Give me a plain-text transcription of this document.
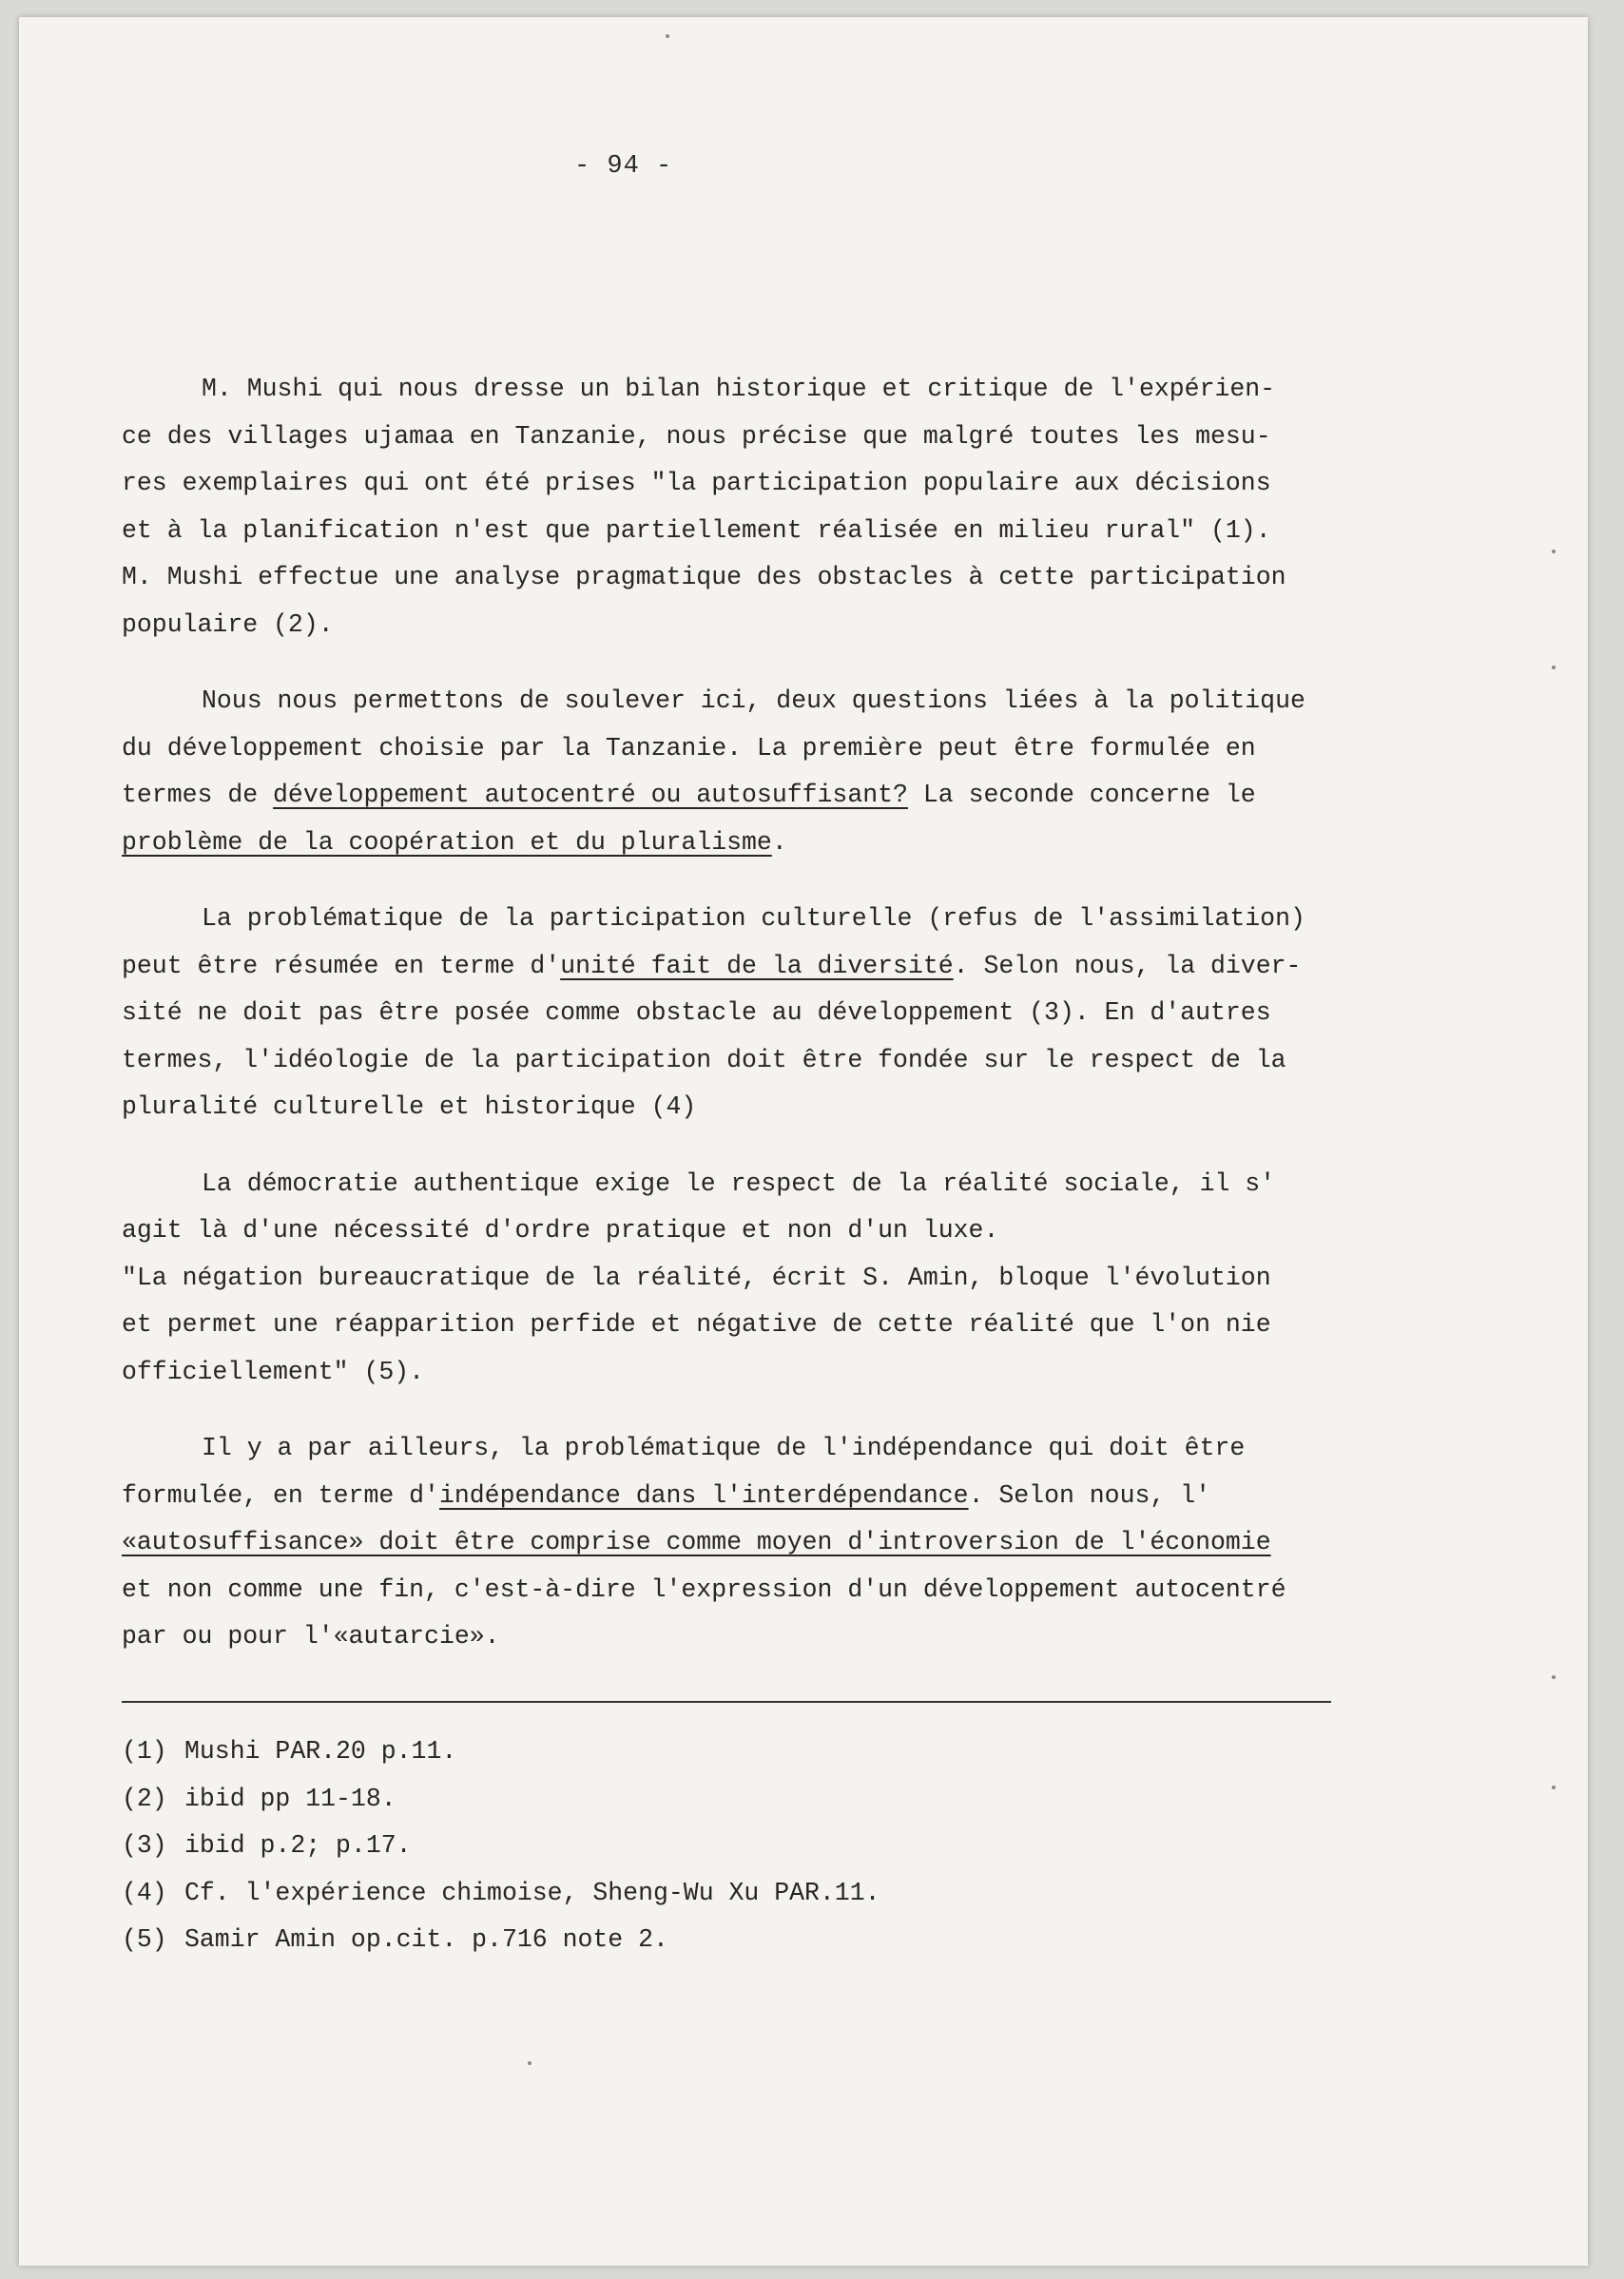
- 94 -
M. Mushi qui nous dresse un bilan historique et critique de l'expérien-
ce des villages ujamaa en Tanzanie, nous précise que malgré toutes les mesu-
res exemplaires qui ont été prises "la participation populaire aux décisions
et à la planification n'est que partiellement réalisée en milieu rural" (1).
M. Mushi effectue une analyse pragmatique des obstacles à cette participation
populaire (2).
Nous nous permettons de soulever ici, deux questions liées à la politique
du développement choisie par la Tanzanie. La première peut être formulée en
termes de développement autocentré ou autosuffisant? La seconde concerne le
problème de la coopération et du pluralisme.
La problématique de la participation culturelle (refus de l'assimilation)
peut être résumée en terme d'unité fait de la diversité. Selon nous, la diver-
sité ne doit pas être posée comme obstacle au développement (3). En d'autres
termes, l'idéologie de la participation doit être fondée sur le respect de la
pluralité culturelle et historique (4)
La démocratie authentique exige le respect de la réalité sociale, il s'
agit là d'une nécessité d'ordre pratique et non d'un luxe.
"La négation bureaucratique de la réalité, écrit S. Amin, bloque l'évolution
et permet une réapparition perfide et négative de cette réalité que l'on nie
officiellement" (5).
Il y a par ailleurs, la problématique de l'indépendance qui doit être
formulée, en terme d'indépendance dans l'interdépendance. Selon nous, l'
«autosuffisance» doit être comprise comme moyen d'introversion de l'économie
et non comme une fin, c'est-à-dire l'expression d'un développement autocentré
par ou pour l'«autarcie».
(1) Mushi PAR.20 p.11.
(2) ibid pp 11-18.
(3) ibid p.2; p.17.
(4) Cf. l'expérience chimoise, Sheng-Wu Xu PAR.11.
(5) Samir Amin op.cit. p.716 note 2.
